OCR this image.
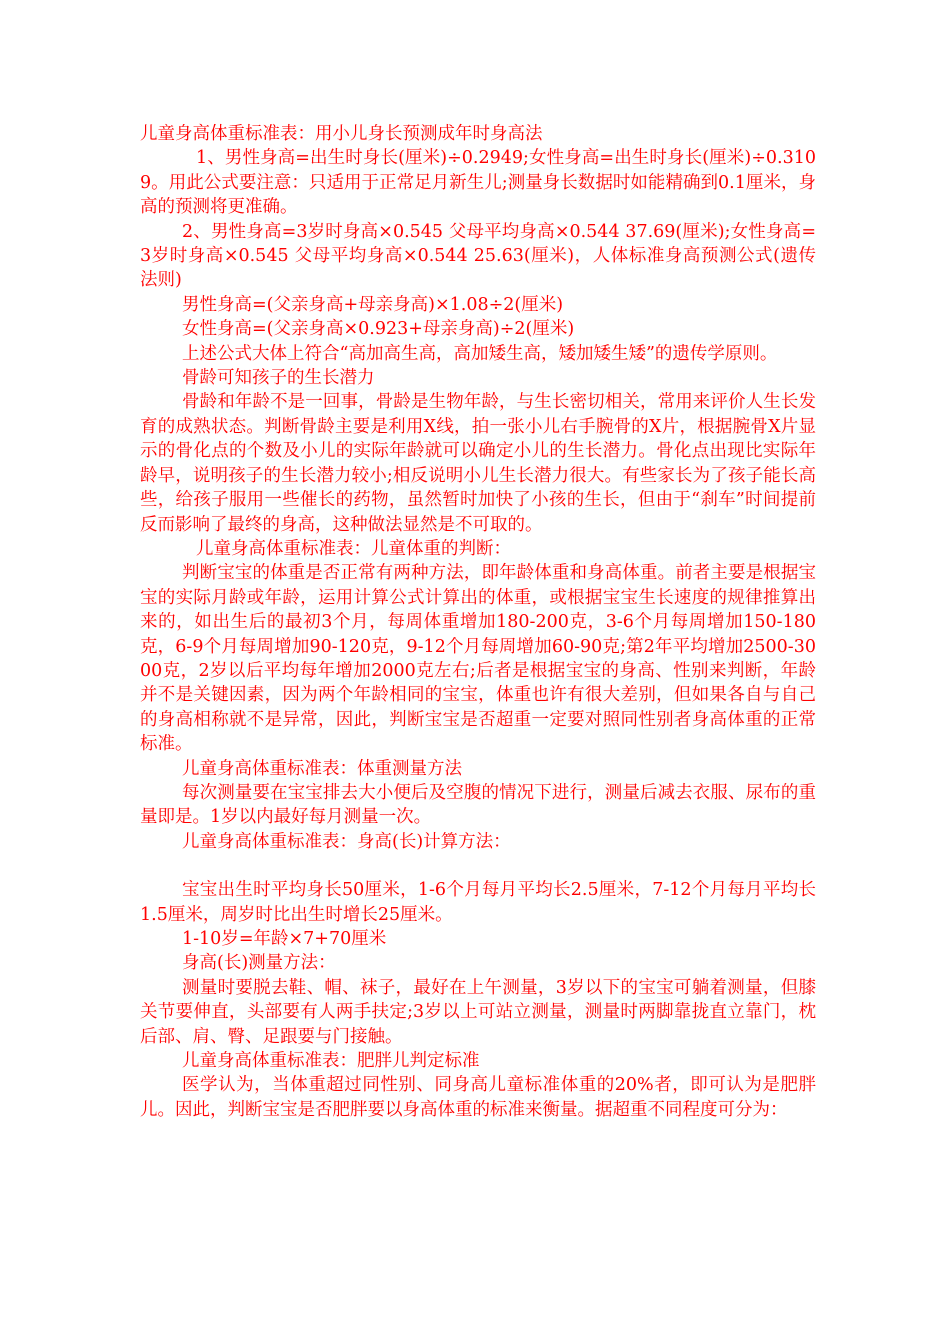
儿童身高体重标准表：用小儿身长预测成年时身高法

1、男性身高=出生时身长(厘米)÷0.2949;女性身高=出生时身长(厘米)÷0.3109。用此公式要注意：只适用于正常足月新生儿;测量身长数据时如能精确到0.1厘米，身高的预测将更准确。

2、男性身高=3岁时身高×0.545 父母平均身高×0.544 37.69(厘米);女性身高=3岁时身高×0.545 父母平均身高×0.544 25.63(厘米)，人体标准身高预测公式(遗传法则)

男性身高=(父亲身高+母亲身高)×1.08÷2(厘米)

女性身高=(父亲身高×0.923+母亲身高)÷2(厘米)

上述公式大体上符合“高加高生高，高加矮生高，矮加矮生矮”的遗传学原则。

骨龄可知孩子的生长潜力

骨龄和年龄不是一回事，骨龄是生物年龄，与生长密切相关，常用来评价人生长发育的成熟状态。判断骨龄主要是利用X线，拍一张小儿右手腕骨的X片，根据腕骨X片显示的骨化点的个数及小儿的实际年龄就可以确定小儿的生长潜力。骨化点出现比实际年龄早，说明孩子的生长潜力较小;相反说明小儿生长潜力很大。有些家长为了孩子能长高些，给孩子服用一些催长的药物，虽然暂时加快了小孩的生长，但由于“刹车”时间提前反而影响了最终的身高，这种做法显然是不可取的。

儿童身高体重标准表：儿童体重的判断：

判断宝宝的体重是否正常有两种方法，即年龄体重和身高体重。前者主要是根据宝宝的实际月龄或年龄，运用计算公式计算出的体重，或根据宝宝生长速度的规律推算出来的，如出生后的最初3个月，每周体重增加180-200克，3-6个月每周增加150-180克，6-9个月每周增加90-120克，9-12个月每周增加60-90克;第2年平均增加2500-3000克，2岁以后平均每年增加2000克左右;后者是根据宝宝的身高、性别来判断，年龄并不是关键因素，因为两个年龄相同的宝宝，体重也许有很大差别，但如果各自与自己的身高相称就不是异常，因此，判断宝宝是否超重一定要对照同性别者身高体重的正常标准。

儿童身高体重标准表：体重测量方法

每次测量要在宝宝排去大小便后及空腹的情况下进行，测量后减去衣服、尿布的重量即是。1岁以内最好每月测量一次。

儿童身高体重标准表：身高(长)计算方法：

宝宝出生时平均身长50厘米，1-6个月每月平均长2.5厘米，7-12个月每月平均长1.5厘米，周岁时比出生时增长25厘米。

1-10岁=年龄×7+70厘米

身高(长)测量方法：

测量时要脱去鞋、帽、袜子，最好在上午测量，3岁以下的宝宝可躺着测量，但膝关节要伸直，头部要有人两手扶定;3岁以上可站立测量，测量时两脚靠拢直立靠门，枕后部、肩、臀、足跟要与门接触。

儿童身高体重标准表：肥胖儿判定标准

医学认为，当体重超过同性别、同身高儿童标准体重的20%者，即可认为是肥胖儿。因此，判断宝宝是否肥胖要以身高体重的标准来衡量。据超重不同程度可分为：
